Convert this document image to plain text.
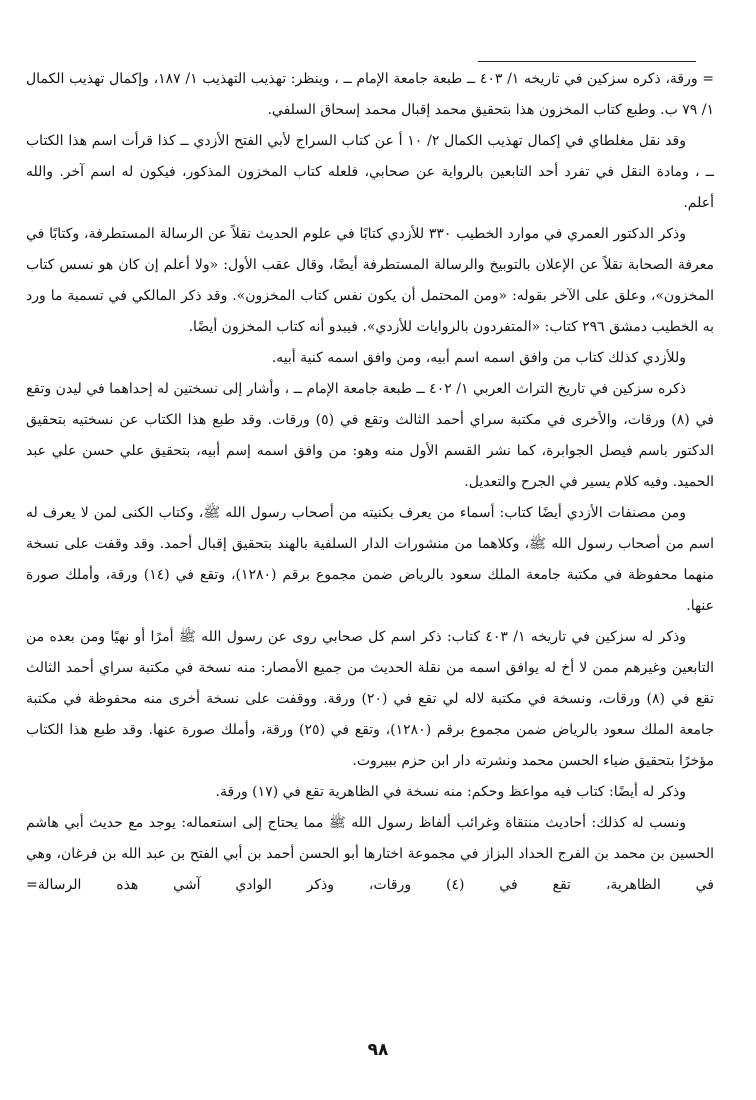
= ورقة، ذكره سزكين في تاريخه ١/ ٤٠٣ ــ طبعة جامعة الإمام ــ ، وينظر: تهذيب التهذيب ١/ ١٨٧، وإكمال تهذيب الكمال ١/ ٧٩ ب. وطبع كتاب المخزون هذا بتحقيق محمد إقبال محمد إسحاق السلفي.

وقد نقل مغلطاي في إكمال تهذيب الكمال ٢/ ١٠ أ عن كتاب السراج لأبي الفتح الأزدي ــ كذا قرأت اسم هذا الكتاب ــ ، ومادة النقل في تفرد أحد التابعين بالرواية عن صحابي، فلعله كتاب المخزون المذكور، فيكون له اسم آخر. والله أعلم.

وذكر الدكتور العمري في موارد الخطيب ٣٣٠ للأزدي كتابًا في علوم الحديث نقلاً عن الرسالة المستطرفة، وكتابًا في معرفة الصحابة نقلاً عن الإعلان بالتوبيخ والرسالة المستطرفة أيضًا، وقال عقب الأول: «ولا أعلم إن كان هو نسس كتاب المخزون»، وعلق على الآخر بقوله: «ومن المحتمل أن يكون نفس كتاب المخزون». وقد ذكر المالكي في تسمية ما ورد به الخطيب دمشق ٢٩٦ كتاب: «المتفردون بالروايات للأزدي». فيبدو أنه كتاب المخزون أيضًا.

وللأزدي كذلك كتاب من وافق اسمه اسم أبيه، ومن وافق اسمه كنية أبيه.

ذكره سزكين في تاريخ التراث العربي ١/ ٤٠٢ ــ طبعة جامعة الإمام ــ ، وأشار إلى نسختين له إحداهما في ليدن وتقع في (٨) ورقات، والأخرى في مكتبة سراي أحمد الثالث وتقع في (٥) ورقات. وقد طبع هذا الكتاب عن نسختيه بتحقيق الدكتور باسم فيصل الجوابرة، كما نشر القسم الأول منه وهو: من وافق اسمه إسم أبيه، بتحقيق علي حسن علي عبد الحميد. وفيه كلام يسير في الجرح والتعديل.

ومن مصنفات الأزدي أيضًا كتاب: أسماء من يعرف بكنيته من أصحاب رسول الله ﷺ، وكتاب الكنى لمن لا يعرف له اسم من أصحاب رسول الله ﷺ، وكلاهما من منشورات الدار السلفية بالهند بتحقيق إقبال أحمد. وقد وقفت على نسخة منهما محفوظة في مكتبة جامعة الملك سعود بالرياض ضمن مجموع برقم (١٢٨٠)، وتقع في (١٤) ورقة، وأملك صورة عنها.

وذكر له سزكين في تاريخه ١/ ٤٠٣ كتاب: ذكر اسم كل صحابي روى عن رسول الله ﷺ أمرًا أو نهيًا ومن بعده من التابعين وغيرهم ممن لا أخ له يوافق اسمه من نقلة الحديث من جميع الأمصار: منه نسخة في مكتبة سراي أحمد الثالث تقع في (٨) ورقات، ونسخة في مكتبة لاله لي تقع في (٢٠) ورقة. ووقفت على نسخة أخرى منه محفوظة في مكتبة جامعة الملك سعود بالرياض ضمن مجموع برقم (١٢٨٠)، وتقع في (٢٥) ورقة، وأملك صورة عنها. وقد طبع هذا الكتاب مؤخرًا بتحقيق ضياء الحسن محمد ونشرته دار ابن حزم ببيروت.

وذكر له أيضًا: كتاب فيه مواعظ وحكم: منه نسخة في الظاهرية تقع في (١٧) ورقة.

ونسب له كذلك: أحاديث منتقاة وغرائب ألفاظ رسول الله ﷺ مما يحتاج إلى استعماله: يوجد مع حديث أبي هاشم الحسين بن محمد بن الفرج الحداد البزاز في مجموعة اختارها أبو الحسن أحمد بن أبي الفتح بن عبد الله بن فرغان، وهي في الظاهرية، تقع في (٤) ورقات، وذكر الوادي آشي هذه الرسالة=

٩٨
